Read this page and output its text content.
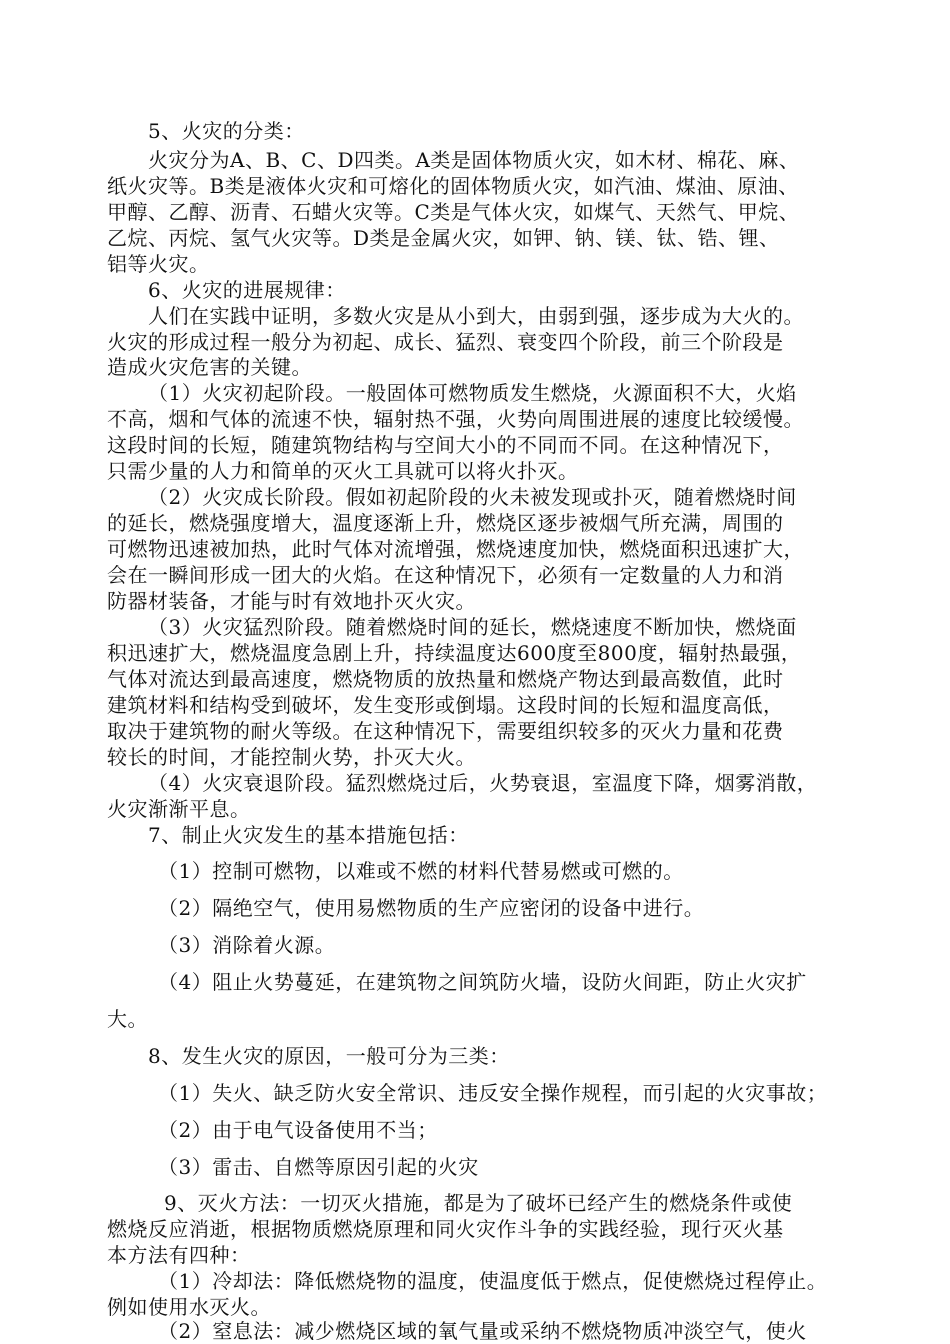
5、火灾的分类：
火灾分为A、B、C、D四类。A类是固体物质火灾，如木材、棉花、麻、
纸火灾等。B类是液体火灾和可熔化的固体物质火灾，如汽油、煤油、原油、
甲醇、乙醇、沥青、石蜡火灾等。C类是气体火灾，如煤气、天然气、甲烷、
乙烷、丙烷、氢气火灾等。D类是金属火灾，如钾、钠、镁、钛、锆、锂、
铝等火灾。
6、火灾的进展规律：
人们在实践中证明，多数火灾是从小到大，由弱到强，逐步成为大火的。
火灾的形成过程一般分为初起、成长、猛烈、衰变四个阶段，前三个阶段是
造成火灾危害的关键。
（1）火灾初起阶段。一般固体可燃物质发生燃烧，火源面积不大，火焰
不高，烟和气体的流速不快，辐射热不强，火势向周围进展的速度比较缓慢。
这段时间的长短，随建筑物结构与空间大小的不同而不同。在这种情况下，
只需少量的人力和简单的灭火工具就可以将火扑灭。
（2）火灾成长阶段。假如初起阶段的火未被发现或扑灭，随着燃烧时间
的延长，燃烧强度增大，温度逐渐上升，燃烧区逐步被烟气所充满，周围的
可燃物迅速被加热，此时气体对流增强，燃烧速度加快，燃烧面积迅速扩大，
会在一瞬间形成一团大的火焰。在这种情况下，必须有一定数量的人力和消
防器材装备，才能与时有效地扑灭火灾。
（3）火灾猛烈阶段。随着燃烧时间的延长，燃烧速度不断加快，燃烧面
积迅速扩大，燃烧温度急剧上升，持续温度达600度至800度，辐射热最强，
气体对流达到最高速度，燃烧物质的放热量和燃烧产物达到最高数值，此时
建筑材料和结构受到破坏，发生变形或倒塌。这段时间的长短和温度高低，
取决于建筑物的耐火等级。在这种情况下，需要组织较多的灭火力量和花费
较长的时间，才能控制火势，扑灭大火。
（4）火灾衰退阶段。猛烈燃烧过后，火势衰退，室温度下降，烟雾消散，
火灾渐渐平息。
7、制止火灾发生的基本措施包括：
（1）控制可燃物，以难或不燃的材料代替易燃或可燃的。
（2）隔绝空气，使用易燃物质的生产应密闭的设备中进行。
（3）消除着火源。
（4）阻止火势蔓延，在建筑物之间筑防火墙，设防火间距，防止火灾扩
大。
8、发生火灾的原因，一般可分为三类：
（1）失火、缺乏防火安全常识、违反安全操作规程，而引起的火灾事故；
（2）由于电气设备使用不当；
（3）雷击、自燃等原因引起的火灾
9、灭火方法：一切灭火措施，都是为了破坏已经产生的燃烧条件或使
燃烧反应消逝，根据物质燃烧原理和同火灾作斗争的实践经验，现行灭火基
本方法有四种：
（1）冷却法：降低燃烧物的温度，使温度低于燃点，促使燃烧过程停止。
例如使用水灭火。
（2）窒息法：减少燃烧区域的氧气量或采纳不燃烧物质冲淡空气，使火
